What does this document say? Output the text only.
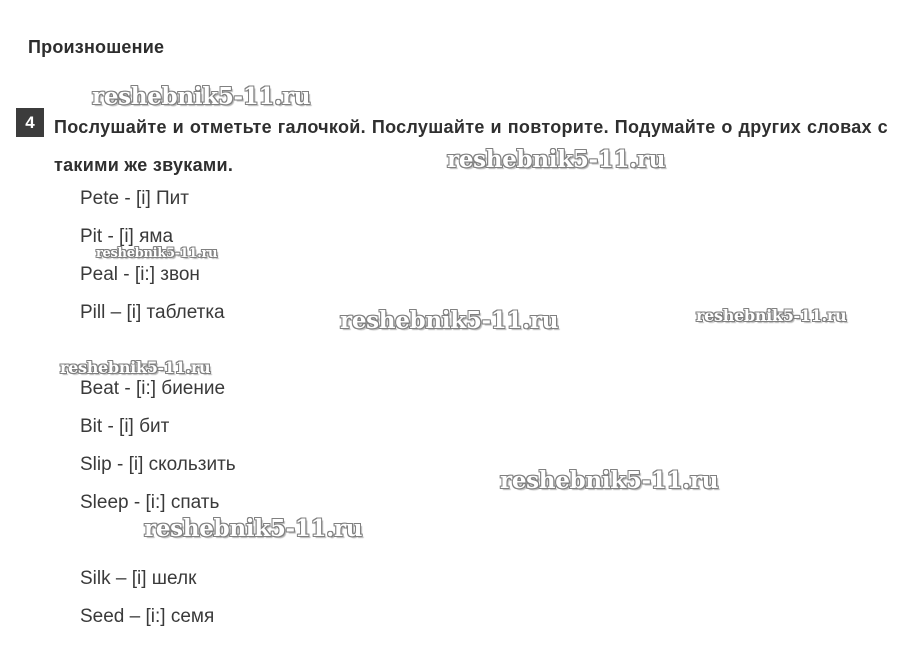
Произношение
4	Послушайте и отметьте галочкой. Послушайте и повторите. Подумайте о других словах с такими же звуками.
Pete - [i] Пит
Pit - [i] яма
Peal - [i:] звон
Pill – [i] таблетка
Beat - [i:] биение
Bit - [i] бит
Slip - [i] скользить
Sleep - [i:] спать
Silk – [i] шелк
Seed – [i:] семя
reshebnik5-11.ru
reshebnik5-11.ru
reshebnik5-11.ru
reshebnik5-11.ru	reshebnik5-11.ru
reshebnik5-11.ru
reshebnik5-11.ru
reshebnik5-11.ru
